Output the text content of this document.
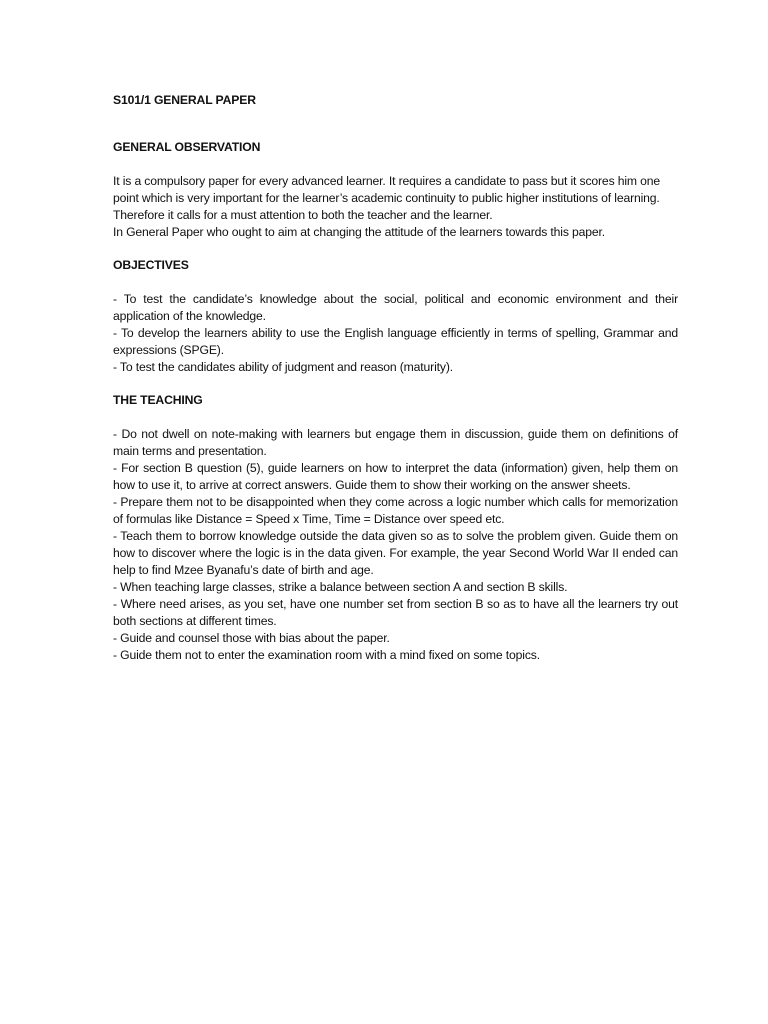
S101/1 GENERAL PAPER

GENERAL OBSERVATION

It is a compulsory paper for every advanced learner. It requires a candidate to pass but it scores him one point which is very important for the learner’s academic continuity to public higher institutions of learning.

Therefore it calls for a must attention to both the teacher and the learner.

In General Paper who ought to aim at changing the attitude of the learners towards this paper.

OBJECTIVES

- To test the candidate’s knowledge about the social, political and economic environment and their application of the knowledge.

- To develop the learners ability to use the English language efficiently in terms of spelling, Grammar and expressions (SPGE).

- To test the candidates ability of judgment and reason (maturity).

THE TEACHING

- Do not dwell on note-making with learners but engage them in discussion, guide them on definitions of main terms and presentation.

- For section B question (5), guide learners on how to interpret the data (information) given, help them on how to use it, to arrive at correct answers. Guide them to show their working on the answer sheets.

- Prepare them not to be disappointed when they come across a logic number which calls for memorization of formulas like Distance = Speed x Time, Time = Distance over speed etc.

- Teach them to borrow knowledge outside the data given so as to solve the problem given. Guide them on how to discover where the logic is in the data given. For example, the year Second World War II ended can help to find Mzee Byanafu’s date of birth and age.

- When teaching large classes, strike a balance between section A and section B skills.

- Where need arises, as you set, have one number set from section B so as to have all the learners try out both sections at different times.

- Guide and counsel those with bias about the paper.

- Guide them not to enter the examination room with a mind fixed on some topics.
